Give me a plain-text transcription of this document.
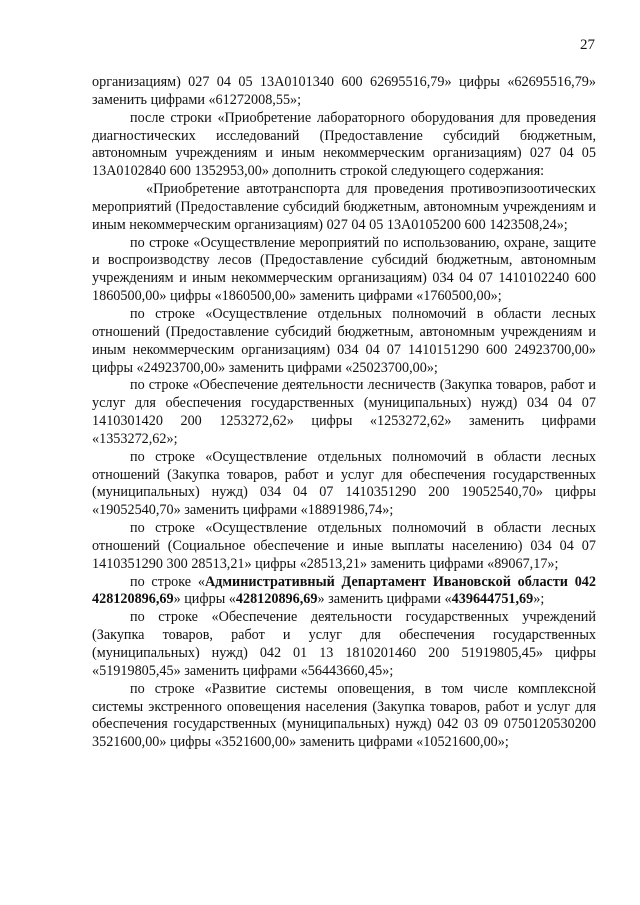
27

организациям) 027 04 05 13А0101340 600 62695516,79» цифры «62695516,79» заменить цифрами «61272008,55»;

после строки «Приобретение лабораторного оборудования для проведения диагностических исследований (Предоставление субсидий бюджетным, автономным учреждениям и иным некоммерческим организациям) 027 04 05 13А0102840 600 1352953,00» дополнить строкой следующего содержания:

«Приобретение автотранспорта для проведения противоэпизоотических мероприятий (Предоставление субсидий бюджетным, автономным учреждениям и иным некоммерческим организациям) 027 04 05 13А0105200 600 1423508,24»;

по строке «Осуществление мероприятий по использованию, охране, защите и воспроизводству лесов (Предоставление субсидий бюджетным, автономным учреждениям и иным некоммерческим организациям) 034 04 07 1410102240 600 1860500,00» цифры «1860500,00» заменить цифрами «1760500,00»;

по строке «Осуществление отдельных полномочий в области лесных отношений (Предоставление субсидий бюджетным, автономным учреждениям и иным некоммерческим организациям) 034 04 07 1410151290 600 24923700,00» цифры «24923700,00» заменить цифрами «25023700,00»;

по строке «Обеспечение деятельности лесничеств (Закупка товаров, работ и услуг для обеспечения государственных (муниципальных) нужд) 034 04 07 1410301420 200 1253272,62» цифры «1253272,62» заменить цифрами «1353272,62»;

по строке «Осуществление отдельных полномочий в области лесных отношений (Закупка товаров, работ и услуг для обеспечения государственных (муниципальных) нужд) 034 04 07 1410351290 200 19052540,70» цифры «19052540,70» заменить цифрами «18891986,74»;

по строке «Осуществление отдельных полномочий в области лесных отношений (Социальное обеспечение и иные выплаты населению) 034 04 07 1410351290 300 28513,21» цифры «28513,21» заменить цифрами «89067,17»;

по строке «Административный Департамент Ивановской области 042 428120896,69» цифры «428120896,69» заменить цифрами «439644751,69»;

по строке «Обеспечение деятельности государственных учреждений (Закупка товаров, работ и услуг для обеспечения государственных (муниципальных) нужд) 042 01 13 1810201460 200 51919805,45» цифры «51919805,45» заменить цифрами «56443660,45»;

по строке «Развитие системы оповещения, в том числе комплексной системы экстренного оповещения населения (Закупка товаров, работ и услуг для обеспечения государственных (муниципальных) нужд) 042 03 09 0750120530200 3521600,00» цифры «3521600,00» заменить цифрами «10521600,00»;
